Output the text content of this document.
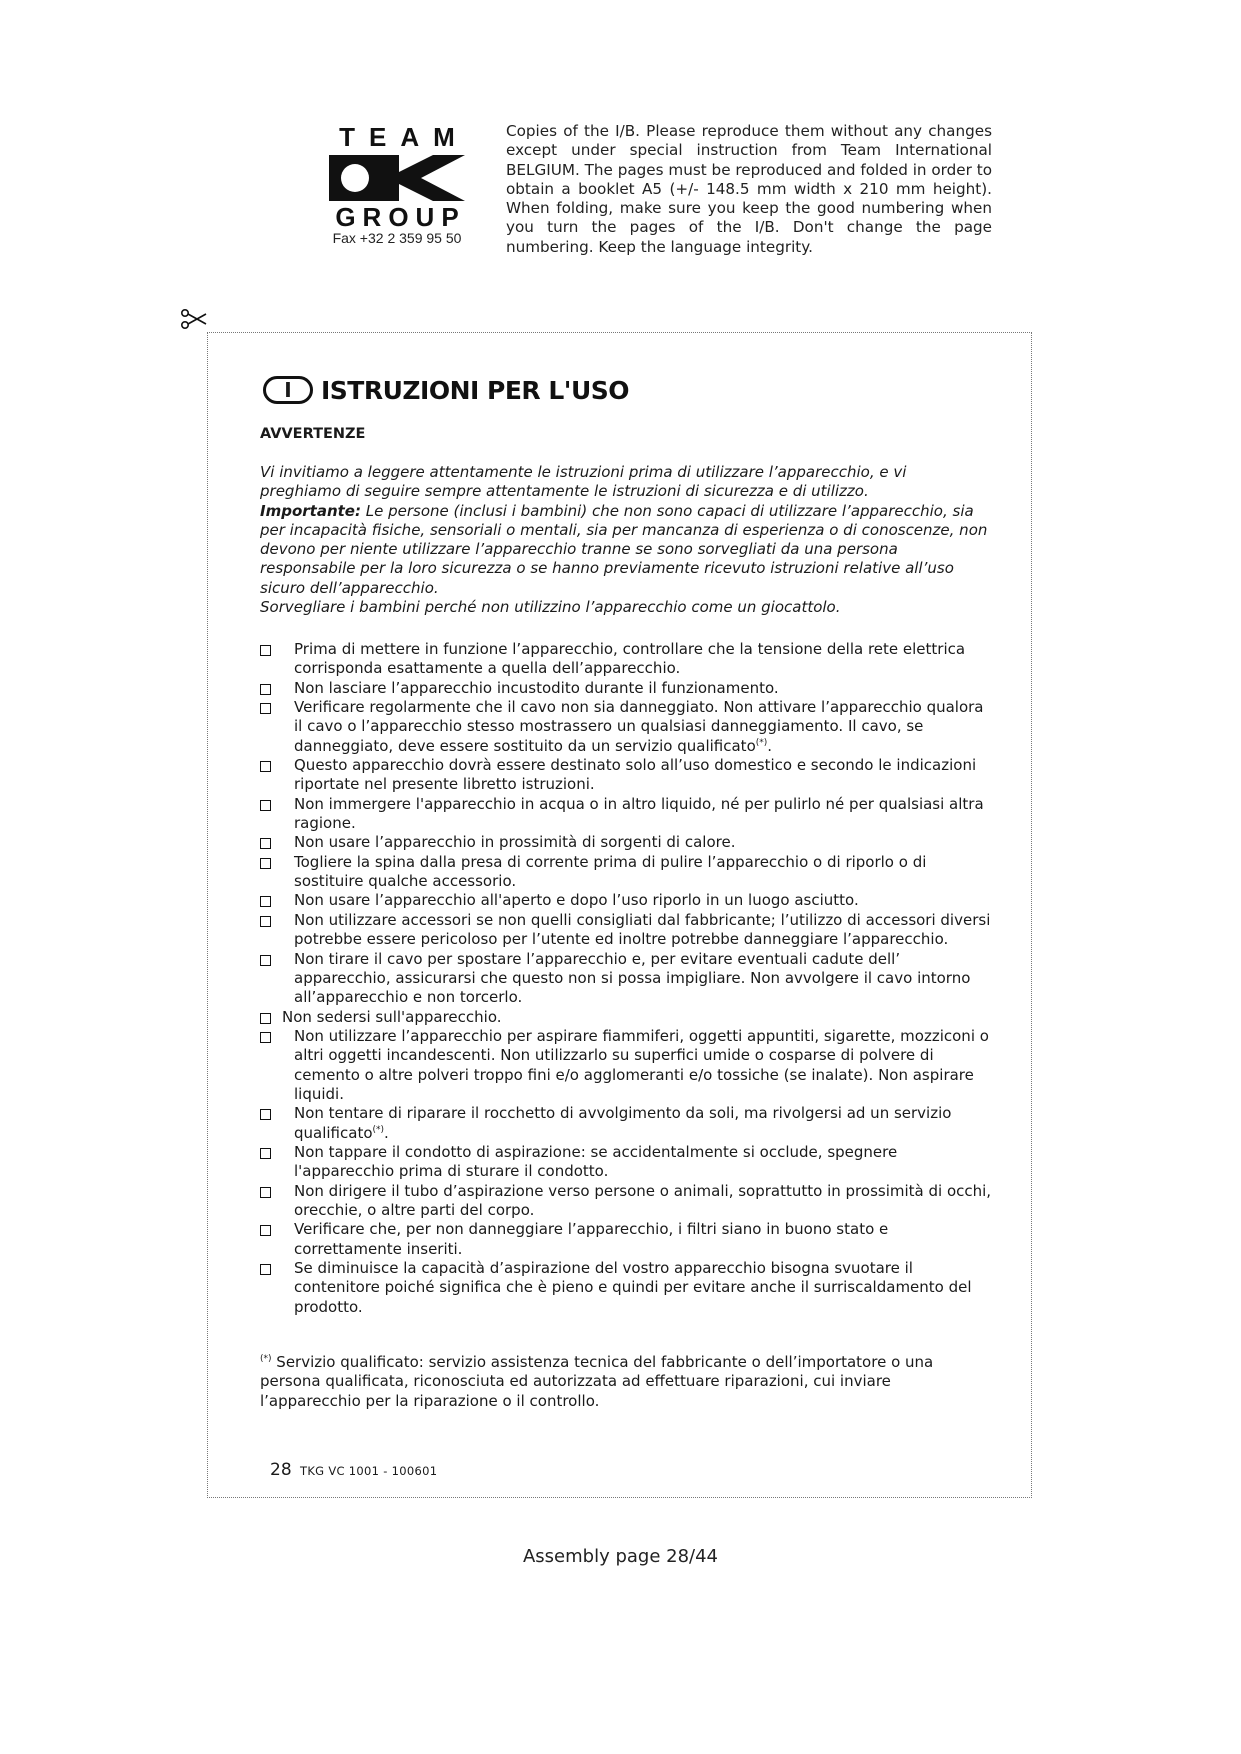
TEAM
GROUP
Fax +32 2 359 95 50
Copies of the I/B. Please reproduce them without any changes except under special instruction from Team International BELGIUM. The pages must be reproduced and folded in order to obtain a booklet A5 (+/- 148.5 mm width x 210 mm height). When folding, make sure you keep the good numbering when you turn the pages of the I/B. Don't change the page numbering. Keep the language integrity.
I	ISTRUZIONI PER L'USO
AVVERTENZE

Vi invitiamo a leggere attentamente le istruzioni prima di utilizzare l’apparecchio, e vi preghiamo di seguire sempre attentamente le istruzioni di sicurezza e di utilizzo.

Importante: Le persone (inclusi i bambini) che non sono capaci di utilizzare l’apparecchio, sia per incapacità fisiche, sensoriali o mentali, sia per mancanza di esperienza o di conoscenze, non devono per niente utilizzare l’apparecchio tranne se sono sorvegliati da una persona responsabile per la loro sicurezza o se hanno previamente ricevuto istruzioni relative all’uso sicuro dell’apparecchio.

Sorvegliare i bambini perché non utilizzino l’apparecchio come un giocattolo.

Prima di mettere in funzione l’apparecchio, controllare che la tensione della rete elettrica corrisponda esattamente a quella dell’apparecchio.
Non lasciare l’apparecchio incustodito durante il funzionamento.
Verificare regolarmente che il cavo non sia danneggiato. Non attivare l’apparecchio qualora il cavo o l’apparecchio stesso mostrassero un qualsiasi danneggiamento. Il cavo, se danneggiato, deve essere sostituito da un servizio qualificato(*).
Questo apparecchio dovrà essere destinato solo all’uso domestico e secondo le indicazioni riportate nel presente libretto istruzioni.
Non immergere l'apparecchio in acqua o in altro liquido, né per pulirlo né per qualsiasi altra ragione.
Non usare l’apparecchio in prossimità di sorgenti di calore.
Togliere la spina dalla presa di corrente prima di pulire l’apparecchio o di riporlo o di sostituire qualche accessorio.
Non usare l’apparecchio all'aperto e dopo l’uso riporlo in un luogo asciutto.
Non utilizzare accessori se non quelli consigliati dal fabbricante; l’utilizzo di accessori diversi potrebbe essere pericoloso per l’utente ed inoltre potrebbe danneggiare l’apparecchio.
Non tirare il cavo per spostare l’apparecchio e, per evitare eventuali cadute dell’ apparecchio, assicurarsi che questo non si possa impigliare. Non avvolgere il cavo intorno all’apparecchio e non torcerlo.
Non sedersi sull'apparecchio.
Non utilizzare l’apparecchio per aspirare fiammiferi, oggetti appuntiti, sigarette, mozziconi o altri oggetti incandescenti. Non utilizzarlo su superfici umide o cosparse di polvere di cemento o altre polveri troppo fini e/o agglomeranti e/o tossiche (se inalate). Non aspirare liquidi.
Non tentare di riparare il rocchetto di avvolgimento da soli, ma rivolgersi ad un servizio qualificato(*).
Non tappare il condotto di aspirazione: se accidentalmente si occlude, spegnere l'apparecchio prima di sturare il condotto.
Non dirigere il tubo d’aspirazione verso persone o animali, soprattutto in prossimità di occhi, orecchie, o altre parti del corpo.
Verificare che, per non danneggiare l’apparecchio, i filtri siano in buono stato e correttamente inseriti.
Se diminuisce la capacità d’aspirazione del vostro apparecchio bisogna svuotare il contenitore poiché significa che è pieno e quindi per evitare anche il surriscaldamento del prodotto.

(*) Servizio qualificato: servizio assistenza tecnica del fabbricante o dell’importatore o una persona qualificata, riconosciuta ed autorizzata ad effettuare riparazioni, cui inviare l’apparecchio per la riparazione o il controllo.

28 TKG VC 1001 - 100601
Assembly page 28/44
